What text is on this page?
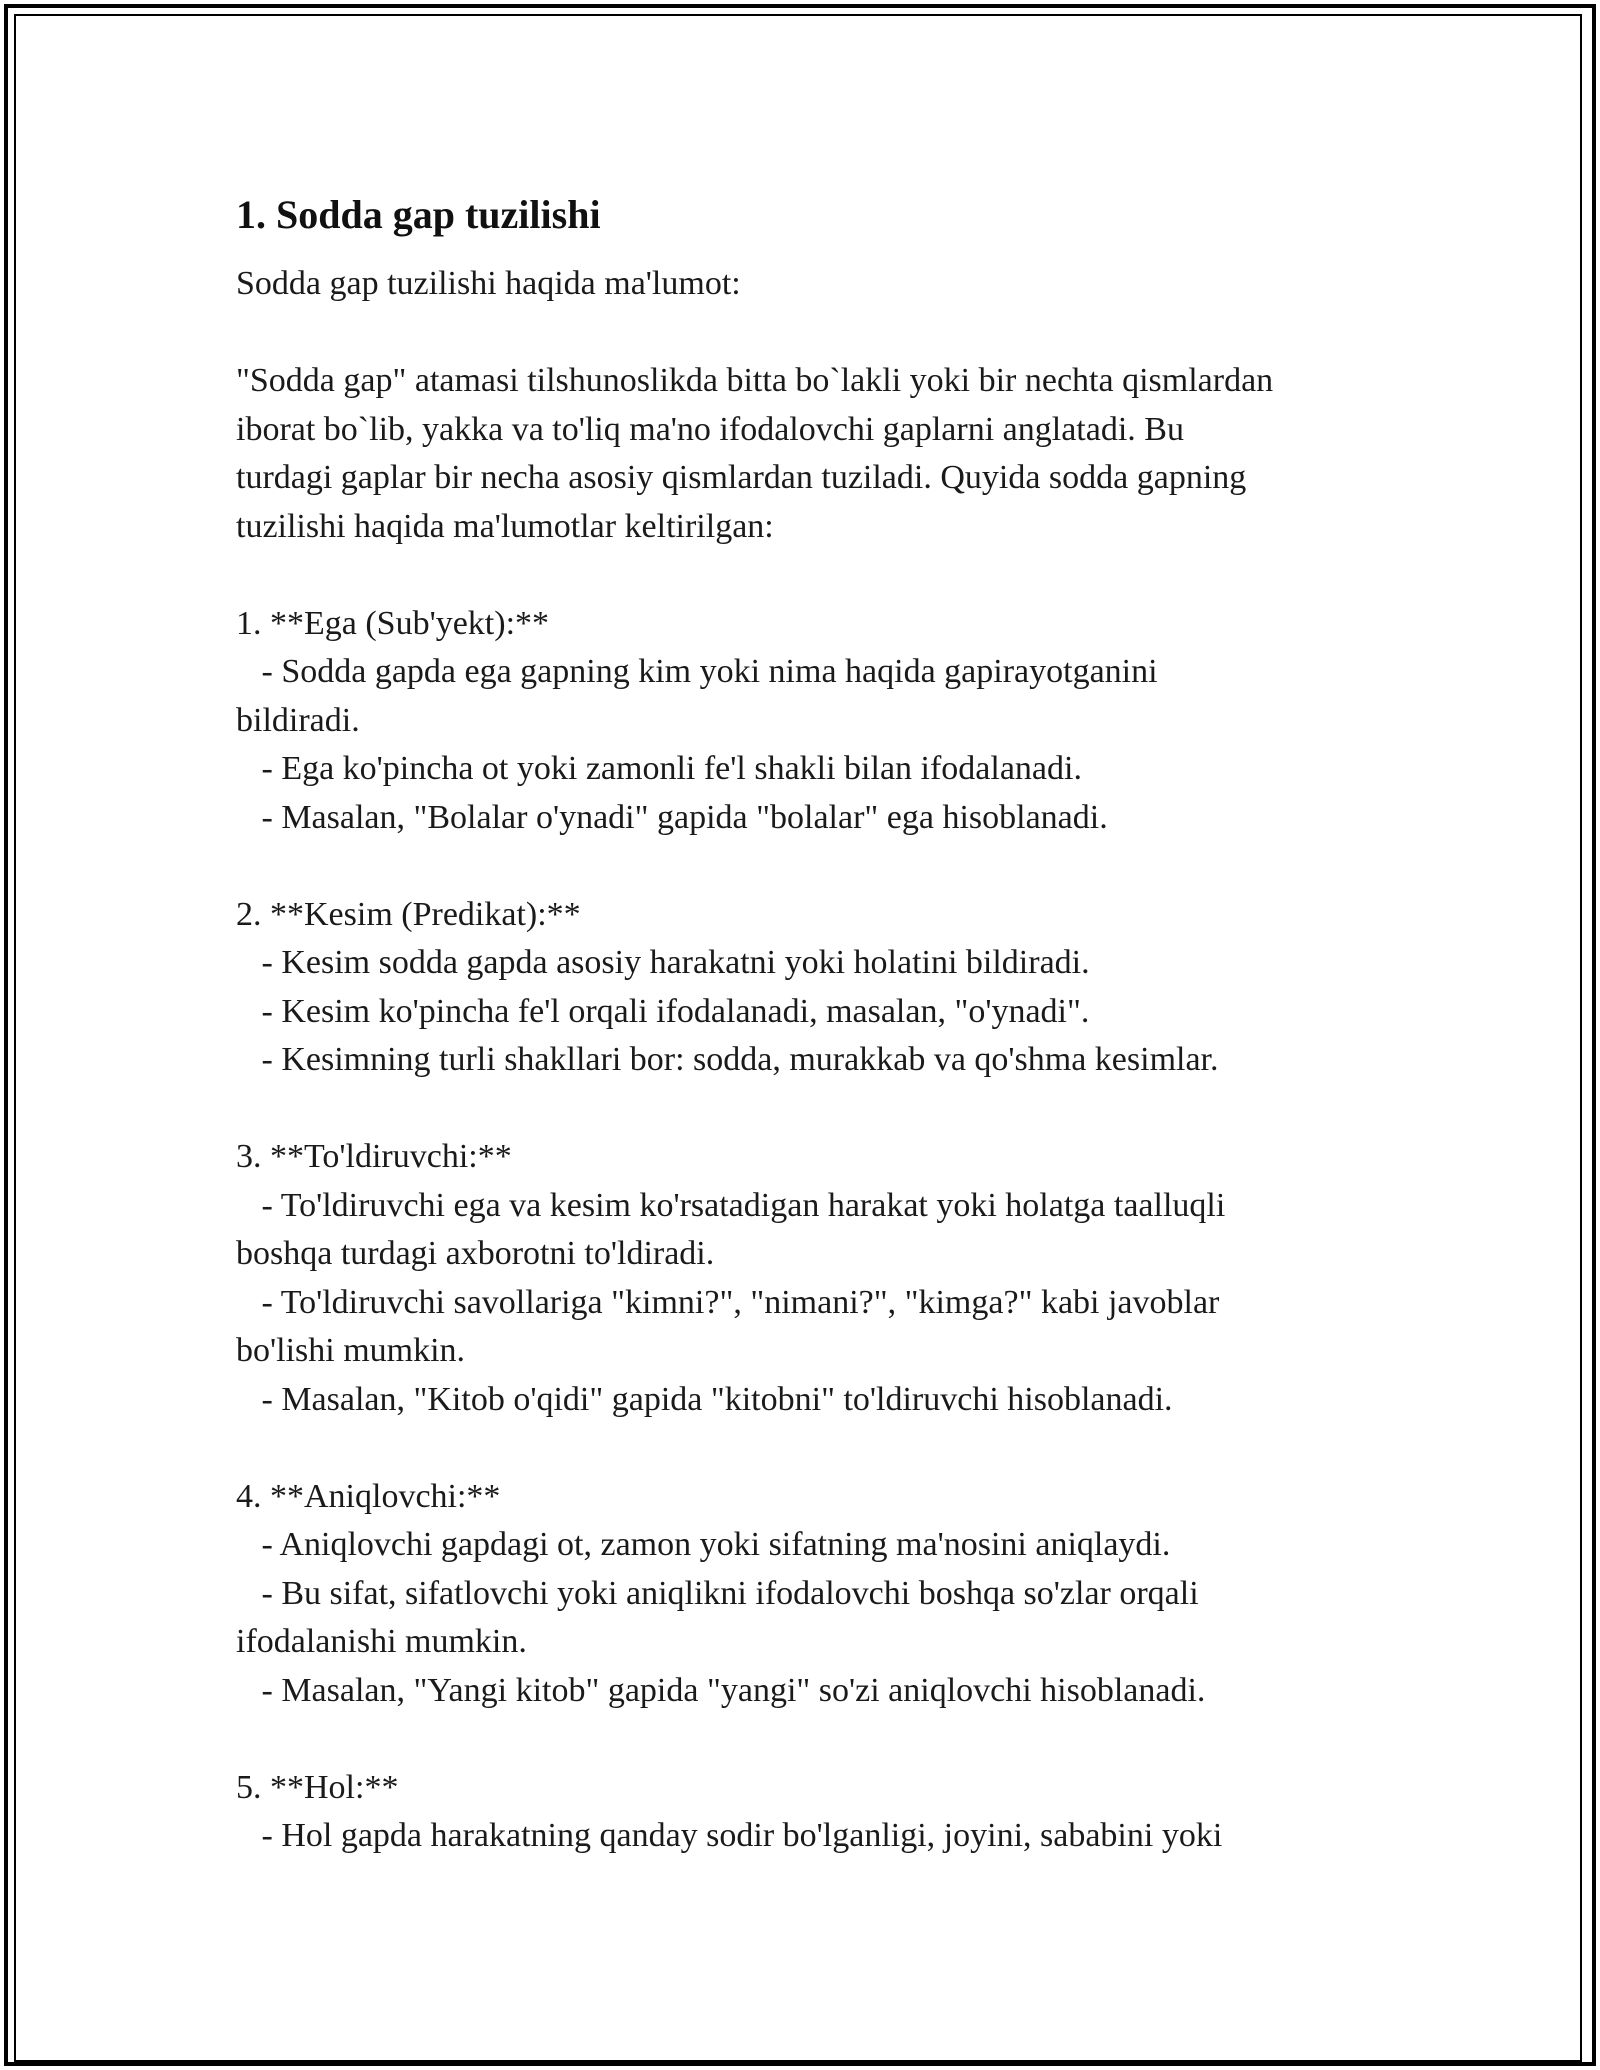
1. Sodda gap tuzilishi

Sodda gap tuzilishi haqida ma'lumot:

"Sodda gap" atamasi tilshunoslikda bitta bo`lakli yoki bir nechta qismlardan

iborat bo`lib, yakka va to'liq ma'no ifodalovchi gaplarni anglatadi. Bu

turdagi gaplar bir necha asosiy qismlardan tuziladi. Quyida sodda gapning

tuzilishi haqida ma'lumotlar keltirilgan:

1. **Ega (Sub'yekt):**

- Sodda gapda ega gapning kim yoki nima haqida gapirayotganini

bildiradi.

- Ega ko'pincha ot yoki zamonli fe'l shakli bilan ifodalanadi.

- Masalan, "Bolalar o'ynadi" gapida "bolalar" ega hisoblanadi.

2. **Kesim (Predikat):**

- Kesim sodda gapda asosiy harakatni yoki holatini bildiradi.

- Kesim ko'pincha fe'l orqali ifodalanadi, masalan, "o'ynadi".

- Kesimning turli shakllari bor: sodda, murakkab va qo'shma kesimlar.

3. **To'ldiruvchi:**

- To'ldiruvchi ega va kesim ko'rsatadigan harakat yoki holatga taalluqli

boshqa turdagi axborotni to'ldiradi.

- To'ldiruvchi savollariga "kimni?", "nimani?", "kimga?" kabi javoblar

bo'lishi mumkin.

- Masalan, "Kitob o'qidi" gapida "kitobni" to'ldiruvchi hisoblanadi.

4. **Aniqlovchi:**

- Aniqlovchi gapdagi ot, zamon yoki sifatning ma'nosini aniqlaydi.

- Bu sifat, sifatlovchi yoki aniqlikni ifodalovchi boshqa so'zlar orqali

ifodalanishi mumkin.

- Masalan, "Yangi kitob" gapida "yangi" so'zi aniqlovchi hisoblanadi.

5. **Hol:**

- Hol gapda harakatning qanday sodir bo'lganligi, joyini, sababini yoki
